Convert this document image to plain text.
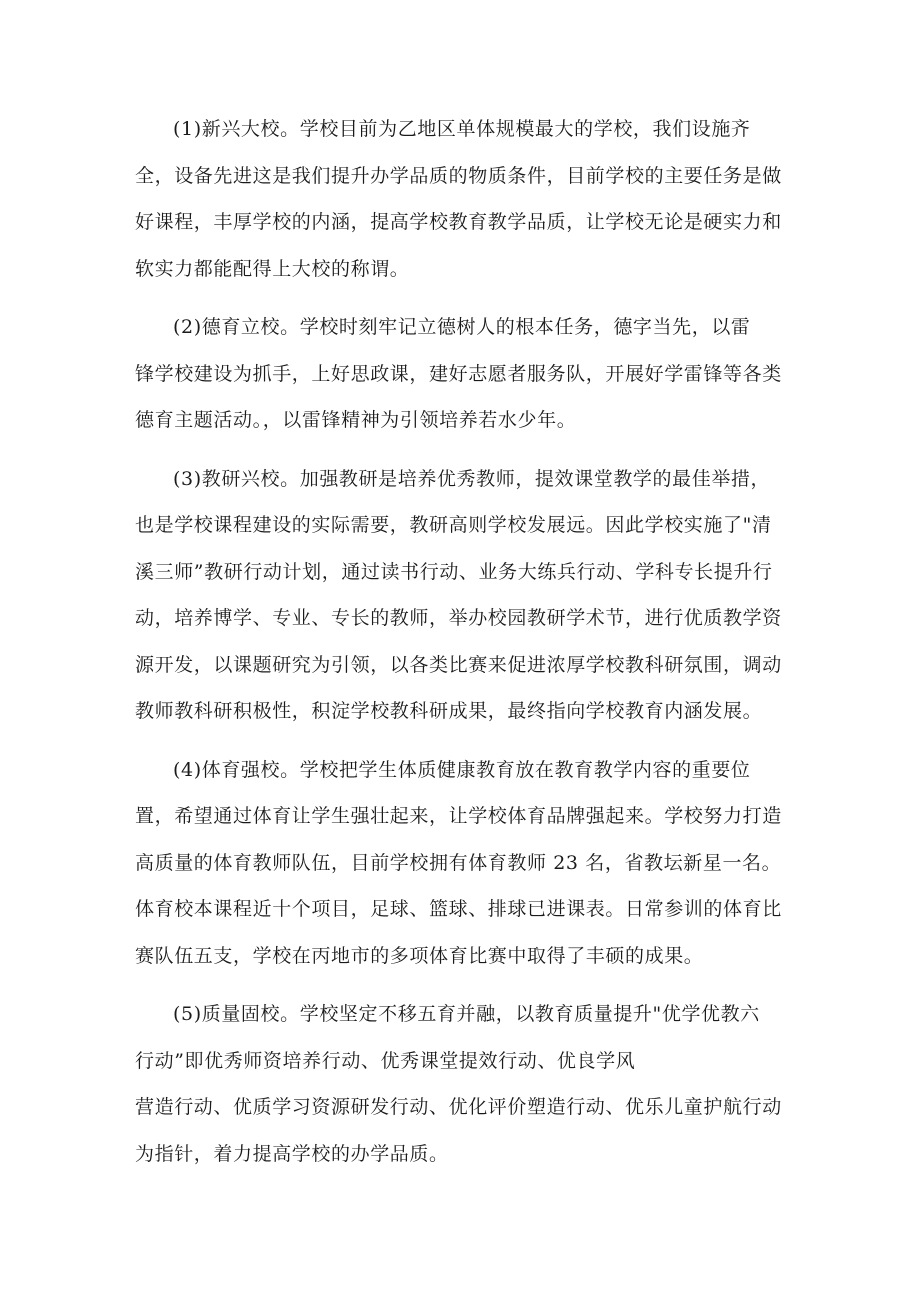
(1)新兴大校。学校目前为乙地区单体规模最大的学校，我们设施齐
全，设备先进这是我们提升办学品质的物质条件，目前学校的主要任务是做
好课程，丰厚学校的内涵，提高学校教育教学品质，让学校无论是硬实力和
软实力都能配得上大校的称谓。

(2)德育立校。学校时刻牢记立德树人的根本任务，德字当先，以雷
锋学校建设为抓手，上好思政课，建好志愿者服务队，开展好学雷锋等各类
德育主题活动。，以雷锋精神为引领培养若水少年。

(3)教研兴校。加强教研是培养优秀教师，提效课堂教学的最佳举措，
也是学校课程建设的实际需要，教研高则学校发展远。因此学校实施了"清
溪三师”教研行动计划，通过读书行动、业务大练兵行动、学科专长提升行
动，培养博学、专业、专长的教师，举办校园教研学术节，进行优质教学资
源开发，以课题研究为引领，以各类比赛来促进浓厚学校教科研氛围，调动
教师教科研积极性，积淀学校教科研成果，最终指向学校教育内涵发展。

(4)体育强校。学校把学生体质健康教育放在教育教学内容的重要位
置，希望通过体育让学生强壮起来，让学校体育品牌强起来。学校努力打造
高质量的体育教师队伍，目前学校拥有体育教师 23 名，省教坛新星一名。
体育校本课程近十个项目，足球、篮球、排球已进课表。日常参训的体育比
赛队伍五支，学校在丙地市的多项体育比赛中取得了丰硕的成果。

(5)质量固校。学校坚定不移五育并融，以教育质量提升"优学优教六
行动”即优秀师资培养行动、优秀课堂提效行动、优良学风
营造行动、优质学习资源研发行动、优化评价塑造行动、优乐儿童护航行动
为指针，着力提高学校的办学品质。
